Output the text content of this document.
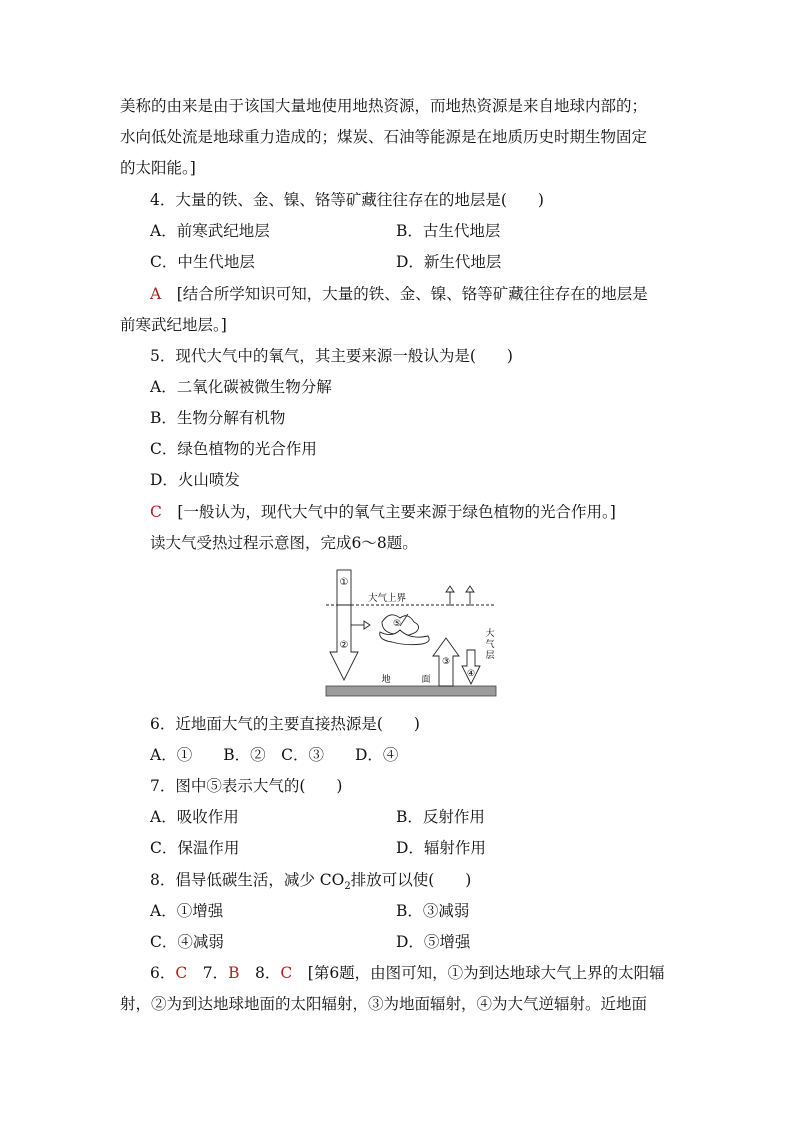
美称的由来是由于该国大量地使用地热资源，而地热资源是来自地球内部的；
水向低处流是地球重力造成的；煤炭、石油等能源是在地质历史时期生物固定
的太阳能。]
4．大量的铁、金、镍、铬等矿藏往往存在的地层是(　　)
A．前寒武纪地层	B．古生代地层
C．中生代地层	D．新生代地层
A　 [结合所学知识可知，大量的铁、金、镍、铬等矿藏往往存在的地层是
前寒武纪地层。]
5．现代大气中的氧气，其主要来源一般认为是(　　)
A．二氧化碳被微生物分解
B．生物分解有机物
C．绿色植物的光合作用
D．火山喷发
C　 [一般认为，现代大气中的氧气主要来源于绿色植物的光合作用。]
读大气受热过程示意图，完成6～8题。
①
②
⑤
③
④
大气上界
大
气
层
地	面
6．近地面大气的主要直接热源是(　　)
A．①　　B．②　C．③　　D．④
7．图中⑤表示大气的(　　)
A．吸收作用	B．反射作用
C．保温作用	D．辐射作用
8．倡导低碳生活，减少 $CO_2$排放可以使(　　)
A．①增强	B．③减弱
C．④减弱	D．⑤增强
6．C　7．B　8．C　[第6题，由图可知，①为到达地球大气上界的太阳辐
射，②为到达地球地面的太阳辐射，③为地面辐射，④为大气逆辐射。近地面
